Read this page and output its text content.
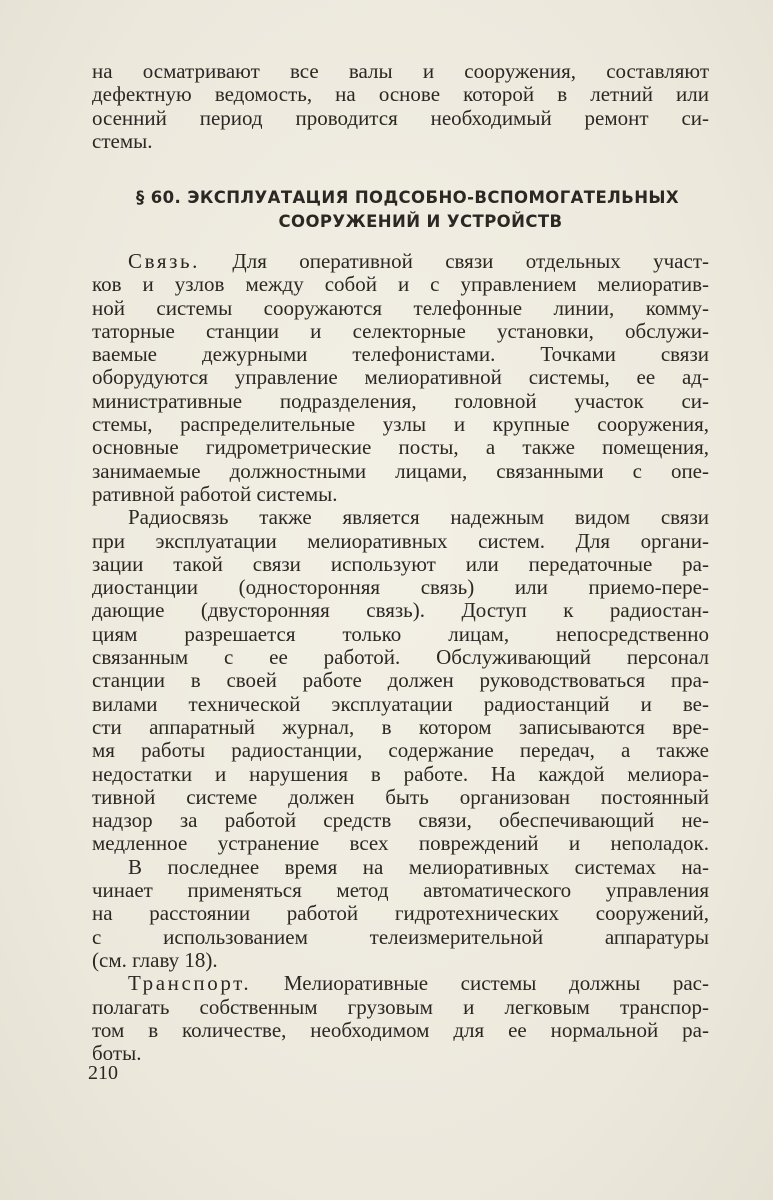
на осматривают все валы и сооружения, составляют
дефектную ведомость, на основе которой в летний или
осенний период проводится необходимый ремонт си-
стемы.
§ 60. ЭКСПЛУАТАЦИЯ ПОДСОБНО-ВСПОМОГАТЕЛЬНЫХ
СООРУЖЕНИЙ И УСТРОЙСТВ
Связь. Для оперативной связи отдельных участ-
ков и узлов между собой и с управлением мелиоратив-
ной системы сооружаются телефонные линии, комму-
таторные станции и селекторные установки, обслужи-
ваемые дежурными телефонистами. Точками связи
оборудуются управление мелиоративной системы, ее ад-
министративные подразделения, головной участок си-
стемы, распределительные узлы и крупные сооружения,
основные гидрометрические посты, а также помещения,
занимаемые должностными лицами, связанными с опе-
ративной работой системы.
Радиосвязь также является надежным видом связи
при эксплуатации мелиоративных систем. Для органи-
зации такой связи используют или передаточные ра-
диостанции (односторонняя связь) или приемо-пере-
дающие (двусторонняя связь). Доступ к радиостан-
циям разрешается только лицам, непосредственно
связанным с ее работой. Обслуживающий персонал
станции в своей работе должен руководствоваться пра-
вилами технической эксплуатации радиостанций и ве-
сти аппаратный журнал, в котором записываются вре-
мя работы радиостанции, содержание передач, а также
недостатки и нарушения в работе. На каждой мелиора-
тивной системе должен быть организован постоянный
надзор за работой средств связи, обеспечивающий не-
медленное устранение всех повреждений и неполадок.
В последнее время на мелиоративных системах на-
чинает применяться метод автоматического управления
на расстоянии работой гидротехнических сооружений,
с использованием телеизмерительной аппаратуры
(см. главу 18).
Транспорт. Мелиоративные системы должны рас-
полагать собственным грузовым и легковым транспор-
том в количестве, необходимом для ее нормальной ра-
боты.
210
